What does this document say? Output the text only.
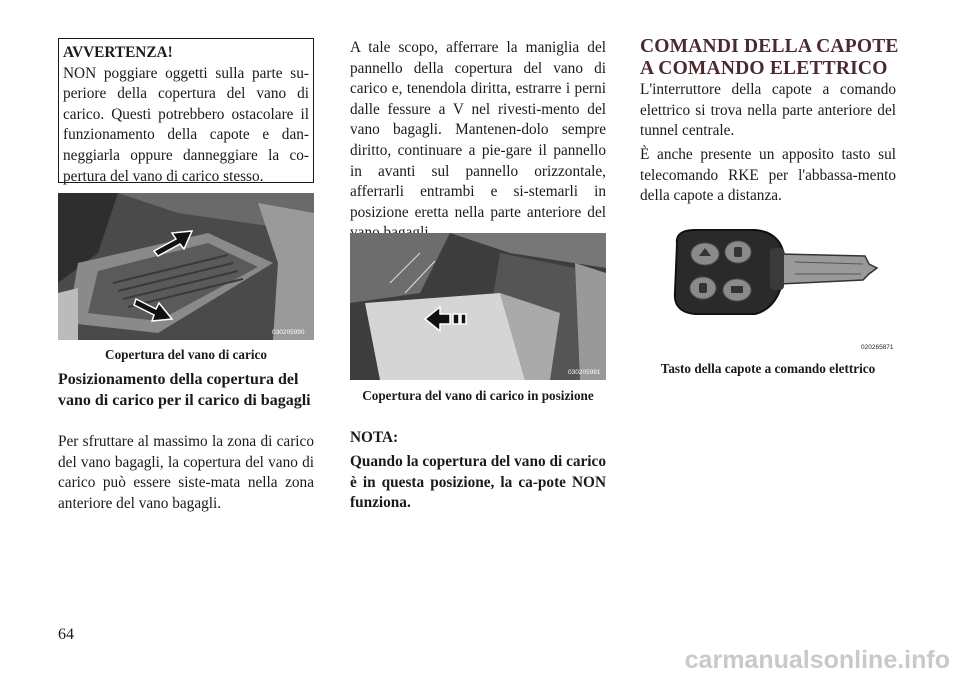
AVVERTENZA!
NON poggiare oggetti sulla parte su-periore della copertura del vano di carico. Questi potrebbero ostacolare il funzionamento della capote e dan-neggiarla oppure danneggiare la co-pertura del vano di carico stesso.
030205990
Copertura del vano di carico
Posizionamento della copertura del vano di carico per il carico di bagagli
Per sfruttare al massimo la zona di carico del vano bagagli, la copertura del vano di carico può essere siste-mata nella zona anteriore del vano bagagli.
A tale scopo, afferrare la maniglia del pannello della copertura del vano di carico e, tenendola diritta, estrarre i perni dalle fessure a V nel rivesti-mento del vano bagagli. Mantenen-dolo sempre diritto, continuare a pie-gare il pannello in avanti sul pannello orizzontale, afferrarli entrambi e si-stemarli in posizione eretta nella parte anteriore del
030205991
Copertura del vano di carico in posizione
NOTA:
Quando la copertura del vano di carico è in questa posizione, la ca-pote NON funziona.
COMANDI DELLA CAPOTE A COMANDO ELETTRICO
L'interruttore della capote a comando elettrico si trova nella parte anteriore del tunnel centrale.
È anche presente un apposito tasto sul telecomando RKE per l'abbassa-mento della capote a distanza.
020265871
Tasto della capote a comando elettrico
64
carmanualsonline.info
